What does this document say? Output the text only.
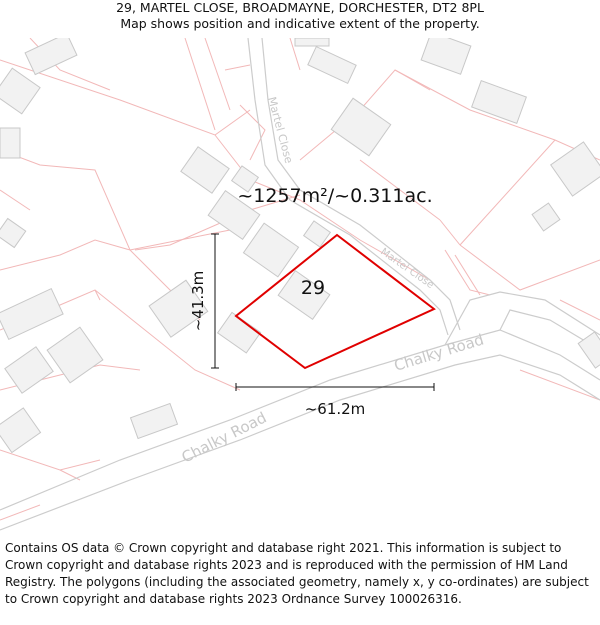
29, MARTEL CLOSE, BROADMAYNE, DORCHESTER, DT2 8PL
Map shows position and indicative extent of the property.
Martel Close
Martel Close
Chalky Road
Chalky Road
~1257m²/~0.311ac.
29
~61.2m
~41.3m
Contains OS data © Crown copyright and database right 2021. This information is subject to Crown copyright and database rights 2023 and is reproduced with the permission of HM Land Registry. The polygons (including the associated geometry, namely x, y co-ordinates) are subject to Crown copyright and database rights 2023 Ordnance Survey 100026316.
